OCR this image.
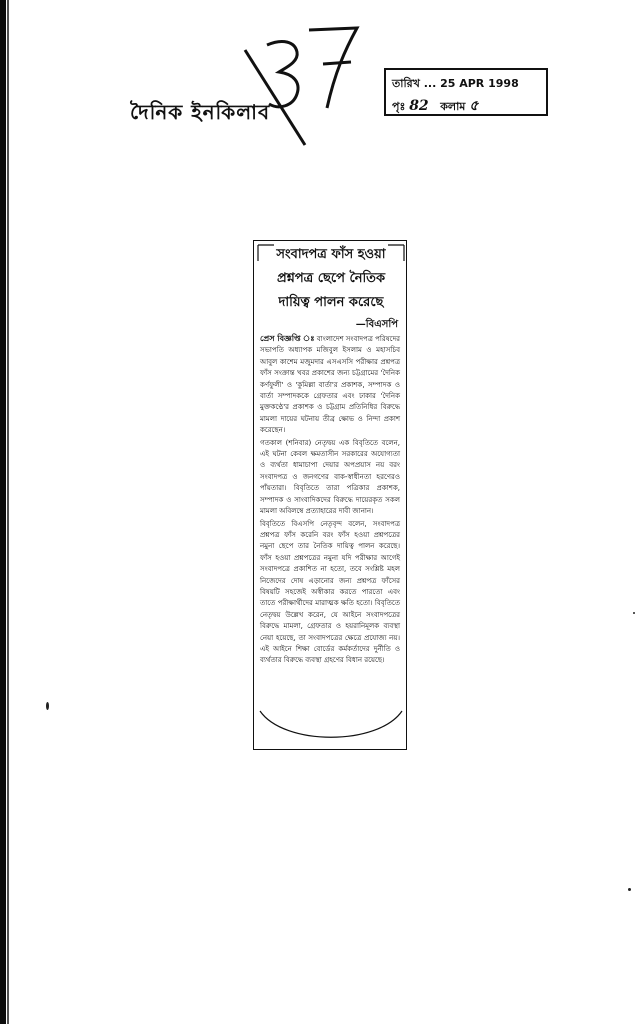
দৈনিক ইনকিলাব
তারিখ ... 25 APR 1998
পৃঃ 82 কলাম ৫
সংবাদপত্র ফাঁস হওয়া
প্রশ্নপত্র ছেপে নৈতিক
দায়িত্ব পালন করেছে
—বিএসপি

প্রেস বিজ্ঞপ্তি ঃ বাংলাদেশ সংবাদপত্র পরিষদের সভাপতি অধ্যাপক মজিবুল ইসলাম ও মহাসচিব আবুল কাশেম মজুমদার এসএসসি পরীক্ষার প্রশ্নপত্র ফাঁস সংক্রান্ত খবর প্রকাশের জন্য চট্টগ্রামের 'দৈনিক কর্ণফুলী' ও 'কুমিল্লা বার্তা'র প্রকাশক, সম্পাদক ও বার্তা সম্পাদককে গ্রেফতার এবং ঢাকার 'দৈনিক মুক্তকণ্ঠে'র প্রকাশক ও চট্টগ্রাম প্রতিনিধির বিরুদ্ধে মামলা দায়ের ঘটনায় তীব্র ক্ষোভ ও নিন্দা প্রকাশ করেছেন।

গতকাল (শনিবার) নেতৃদ্বয় এক বিবৃতিতে বলেন, এই ঘটনা কেবল ক্ষমতাসীন সরকারের অযোগ্যতা ও ব্যর্থতা ধামাচাপা দেয়ার অপপ্রয়াস নয় বরং সংবাদপত্র ও জনগণের বাক-স্বাধীনতা হরণেরও পাঁয়তারা। বিবৃতিতে তারা পত্রিকার প্রকাশক, সম্পাদক ও সাংবাদিকদের বিরুদ্ধে দায়েরকৃত সকল মামলা অবিলম্বে প্রত্যাহারের দাবী জানান।

বিবৃতিতে বিএসপি নেতৃবৃন্দ বলেন, সংবাদপত্র প্রশ্নপত্র ফাঁস করেনি বরং ফাঁস হওয়া প্রশ্নপত্রের নমুনা ছেপে তার নৈতিক দায়িত্ব পালন করেছে। ফাঁস হওয়া প্রশ্নপত্রের নমুনা যদি পরীক্ষার আগেই সংবাদপত্রে প্রকাশিত না হতো, তবে সংশ্লিষ্ট মহল নিজেদের দোষ এড়ানোর জন্য প্রশ্নপত্র ফাঁসের বিষয়টি সহজেই অস্বীকার করতে পারতো এবং তাতে পরীক্ষার্থীদের মারাত্মক ক্ষতি হতো। বিবৃতিতে নেতৃদ্বয় উল্লেখ করেন, যে আইনে সংবাদপত্রের বিরুদ্ধে মামলা, গ্রেফতার ও হয়রানিমূলক ব্যবস্থা নেয়া হয়েছে, তা সংবাদপত্রের ক্ষেত্রে প্রযোজ্য নয়। এই আইনে শিক্ষা বোর্ডের কর্মকর্তাদের দুর্নীতি ও ব্যর্থতার বিরুদ্ধে ব্যবস্থা গ্রহণের বিধান রয়েছে।
